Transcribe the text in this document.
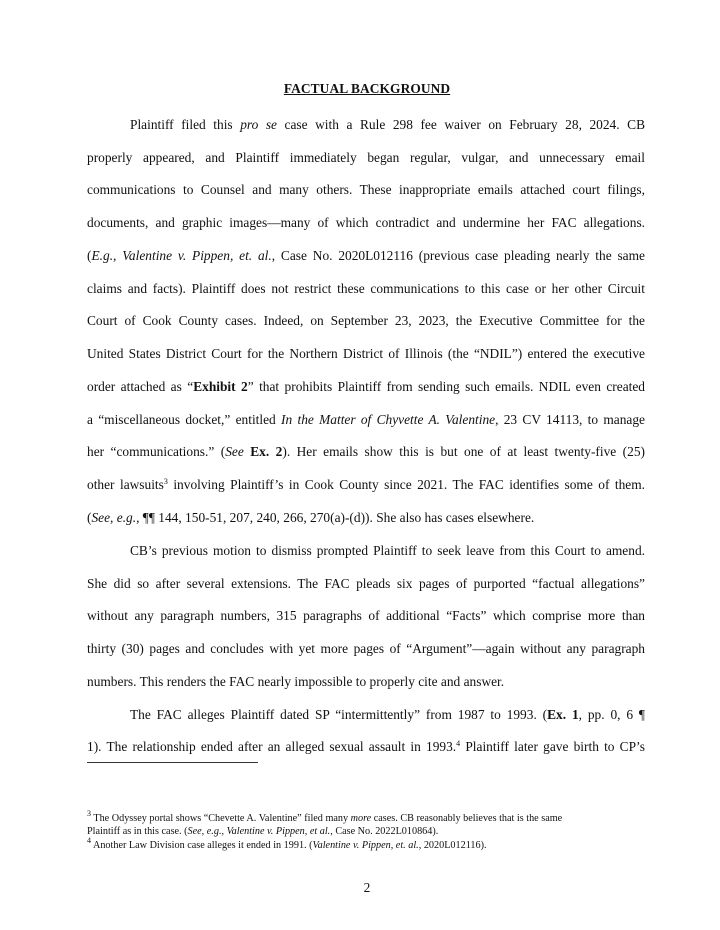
FACTUAL BACKGROUND
Plaintiff filed this pro se case with a Rule 298 fee waiver on February 28, 2024. CB
properly appeared, and Plaintiff immediately began regular, vulgar, and unnecessary email
communications to Counsel and many others. These inappropriate emails attached court filings,
documents, and graphic images—many of which contradict and undermine her FAC allegations.
(E.g., Valentine v. Pippen, et. al., Case No. 2020L012116 (previous case pleading nearly the same
claims and facts). Plaintiff does not restrict these communications to this case or her other Circuit
Court of Cook County cases. Indeed, on September 23, 2023, the Executive Committee for the
United States District Court for the Northern District of Illinois (the “NDIL”) entered the executive
order attached as “Exhibit 2” that prohibits Plaintiff from sending such emails. NDIL even created
a “miscellaneous docket,” entitled In the Matter of Chyvette A. Valentine, 23 CV 14113, to manage
her “communications.” (See Ex. 2). Her emails show this is but one of at least twenty-five (25)
other lawsuits$^3$ involving Plaintiff’s in Cook County since 2021. The FAC identifies some of them.
(See, e.g., ¶¶ 144, 150-51, 207, 240, 266, 270(a)-(d)). She also has cases elsewhere.
CB’s previous motion to dismiss prompted Plaintiff to seek leave from this Court to amend.
She did so after several extensions. The FAC pleads six pages of purported “factual allegations”
without any paragraph numbers, 315 paragraphs of additional “Facts” which comprise more than
thirty (30) pages and concludes with yet more pages of “Argument”—again without any paragraph
numbers. This renders the FAC nearly impossible to properly cite and answer.
The FAC alleges Plaintiff dated SP “intermittently” from 1987 to 1993. (Ex. 1, pp. 0, 6 ¶
1). The relationship ended after an alleged sexual assault in 1993.$^4$ Plaintiff later gave birth to CP’s
$^3$ The Odyssey portal shows “Chevette A. Valentine” filed many more cases. CB reasonably believes that is the same
Plaintiff as in this case. (See, e.g., Valentine v. Pippen, et al., Case No. 2022L010864).
$^4$ Another Law Division case alleges it ended in 1991. (Valentine v. Pippen, et. al., 2020L012116).
2
